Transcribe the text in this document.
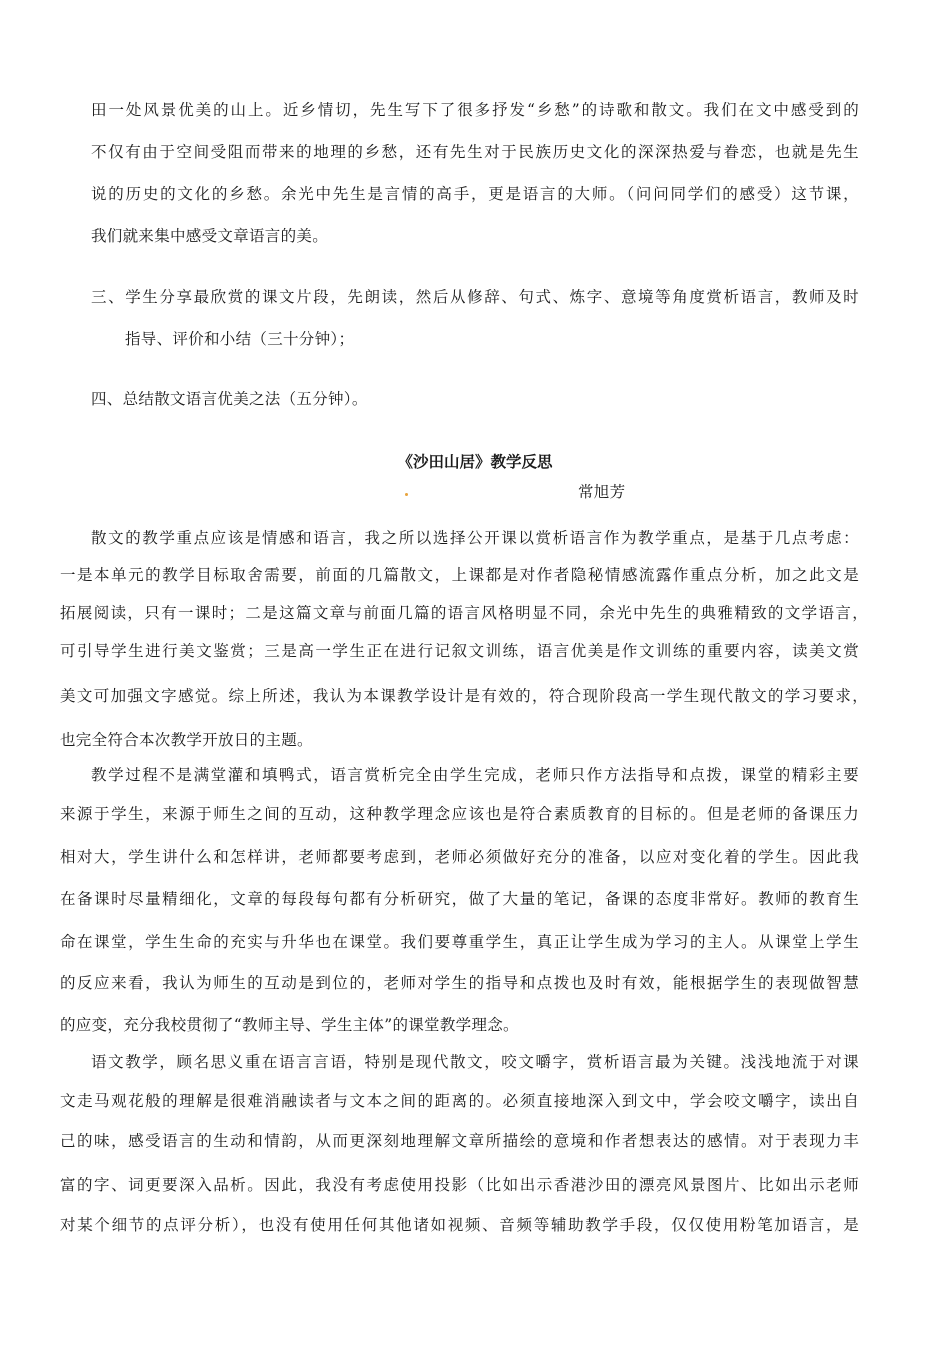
田一处风景优美的山上。近乡情切，先生写下了很多抒发“乡愁”的诗歌和散文。我们在文中感受到的
不仅有由于空间受阻而带来的地理的乡愁，还有先生对于民族历史文化的深深热爱与眷恋，也就是先生
说的历史的文化的乡愁。余光中先生是言情的高手，更是语言的大师。（问问同学们的感受）这节课，
我们就来集中感受文章语言的美。
三、学生分享最欣赏的课文片段，先朗读，然后从修辞、句式、炼字、意境等角度赏析语言，教师及时
指导、评价和小结（三十分钟）；
四、总结散文语言优美之法（五分钟）。
《沙田山居》教学反思
常旭芳
散文的教学重点应该是情感和语言，我之所以选择公开课以赏析语言作为教学重点，是基于几点考虑：
一是本单元的教学目标取舍需要，前面的几篇散文，上课都是对作者隐秘情感流露作重点分析，加之此文是
拓展阅读，只有一课时；二是这篇文章与前面几篇的语言风格明显不同，余光中先生的典雅精致的文学语言，
可引导学生进行美文鉴赏；三是高一学生正在进行记叙文训练，语言优美是作文训练的重要内容，读美文赏
美文可加强文字感觉。综上所述，我认为本课教学设计是有效的，符合现阶段高一学生现代散文的学习要求，
也完全符合本次教学开放日的主题。
教学过程不是满堂灌和填鸭式，语言赏析完全由学生完成，老师只作方法指导和点拨，课堂的精彩主要
来源于学生，来源于师生之间的互动，这种教学理念应该也是符合素质教育的目标的。但是老师的备课压力
相对大，学生讲什么和怎样讲，老师都要考虑到，老师必须做好充分的准备，以应对变化着的学生。因此我
在备课时尽量精细化，文章的每段每句都有分析研究，做了大量的笔记，备课的态度非常好。教师的教育生
命在课堂，学生生命的充实与升华也在课堂。我们要尊重学生，真正让学生成为学习的主人。从课堂上学生
的反应来看，我认为师生的互动是到位的，老师对学生的指导和点拨也及时有效，能根据学生的表现做智慧
的应变，充分我校贯彻了“教师主导、学生主体”的课堂教学理念。
语文教学，顾名思义重在语言言语，特别是现代散文，咬文嚼字，赏析语言最为关键。浅浅地流于对课
文走马观花般的理解是很难消融读者与文本之间的距离的。必须直接地深入到文中，学会咬文嚼字，读出自
己的味，感受语言的生动和情韵，从而更深刻地理解文章所描绘的意境和作者想表达的感情。对于表现力丰
富的字、词更要深入品析。因此，我没有考虑使用投影（比如出示香港沙田的漂亮风景图片、比如出示老师
对某个细节的点评分析），也没有使用任何其他诸如视频、音频等辅助教学手段，仅仅使用粉笔加语言，是
